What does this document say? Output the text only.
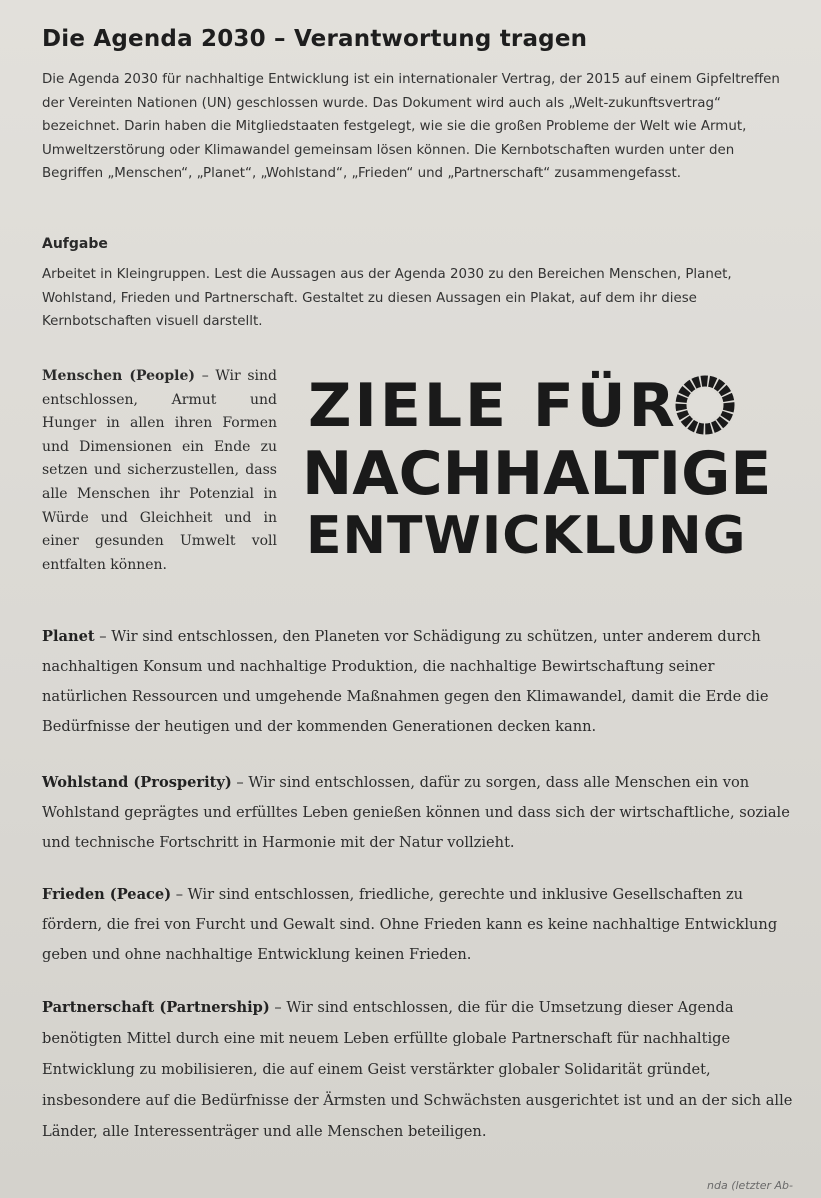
Die Agenda 2030 – Verantwortung tragen

Die Agenda 2030 für nachhaltige Entwicklung ist ein internationaler Vertrag, der 2015 auf einem Gipfeltreffen der Vereinten Nationen (UN) geschlossen wurde. Das Dokument wird auch als „Welt-zukunftsvertrag“ bezeichnet. Darin haben die Mitgliedstaaten festgelegt, wie sie die großen Probleme der Welt wie Armut, Umweltzerstörung oder Klimawandel gemeinsam lösen können. Die Kernbotschaften wurden unter den Begriffen „Menschen“, „Planet“, „Wohlstand“, „Frieden“ und „Partnerschaft“ zusammengefasst.

Aufgabe

Arbeitet in Kleingruppen. Lest die Aussagen aus der Agenda 2030 zu den Bereichen Menschen, Planet, Wohlstand, Frieden und Partnerschaft. Gestaltet zu diesen Aussagen ein Plakat, auf dem ihr diese Kernbotschaften visuell darstellt.

Menschen (People) – Wir sind entschlossen, Armut und Hunger in allen ihren Formen und Dimensionen ein Ende zu setzen und sicherzustellen, dass alle Menschen ihr Potenzial in Würde und Gleichheit und in einer gesunden Umwelt voll entfalten können.

ZIELE FÜR

NACHHALTIGE

ENTWICKLUNG

Planet – Wir sind entschlossen, den Planeten vor Schädigung zu schützen, unter anderem durch nachhaltigen Konsum und nachhaltige Produktion, die nachhaltige Bewirtschaftung seiner natürlichen Ressourcen und umgehende Maßnahmen gegen den Klimawandel, damit die Erde die Bedürfnisse der heutigen und der kommenden Generationen decken kann.

Wohlstand (Prosperity) – Wir sind entschlossen, dafür zu sorgen, dass alle Menschen ein von Wohlstand geprägtes und erfülltes Leben genießen können und dass sich der wirtschaftliche, soziale und technische Fortschritt in Harmonie mit der Natur vollzieht.

Frieden (Peace) – Wir sind entschlossen, friedliche, gerechte und inklusive Gesellschaften zu fördern, die frei von Furcht und Gewalt sind. Ohne Frieden kann es keine nachhaltige Entwicklung geben und ohne nachhaltige Entwicklung keinen Frieden.

Partnerschaft (Partnership) – Wir sind entschlossen, die für die Umsetzung dieser Agenda benötigten Mittel durch eine mit neuem Leben erfüllte globale Partnerschaft für nachhaltige Entwicklung zu mobilisieren, die auf einem Geist verstärkter globaler Solidarität gründet, insbesondere auf die Bedürfnisse der Ärmsten und Schwächsten ausgerichtet ist und an der sich alle Länder, alle Interessenträger und alle Menschen beteiligen.

nda (letzter Ab-
